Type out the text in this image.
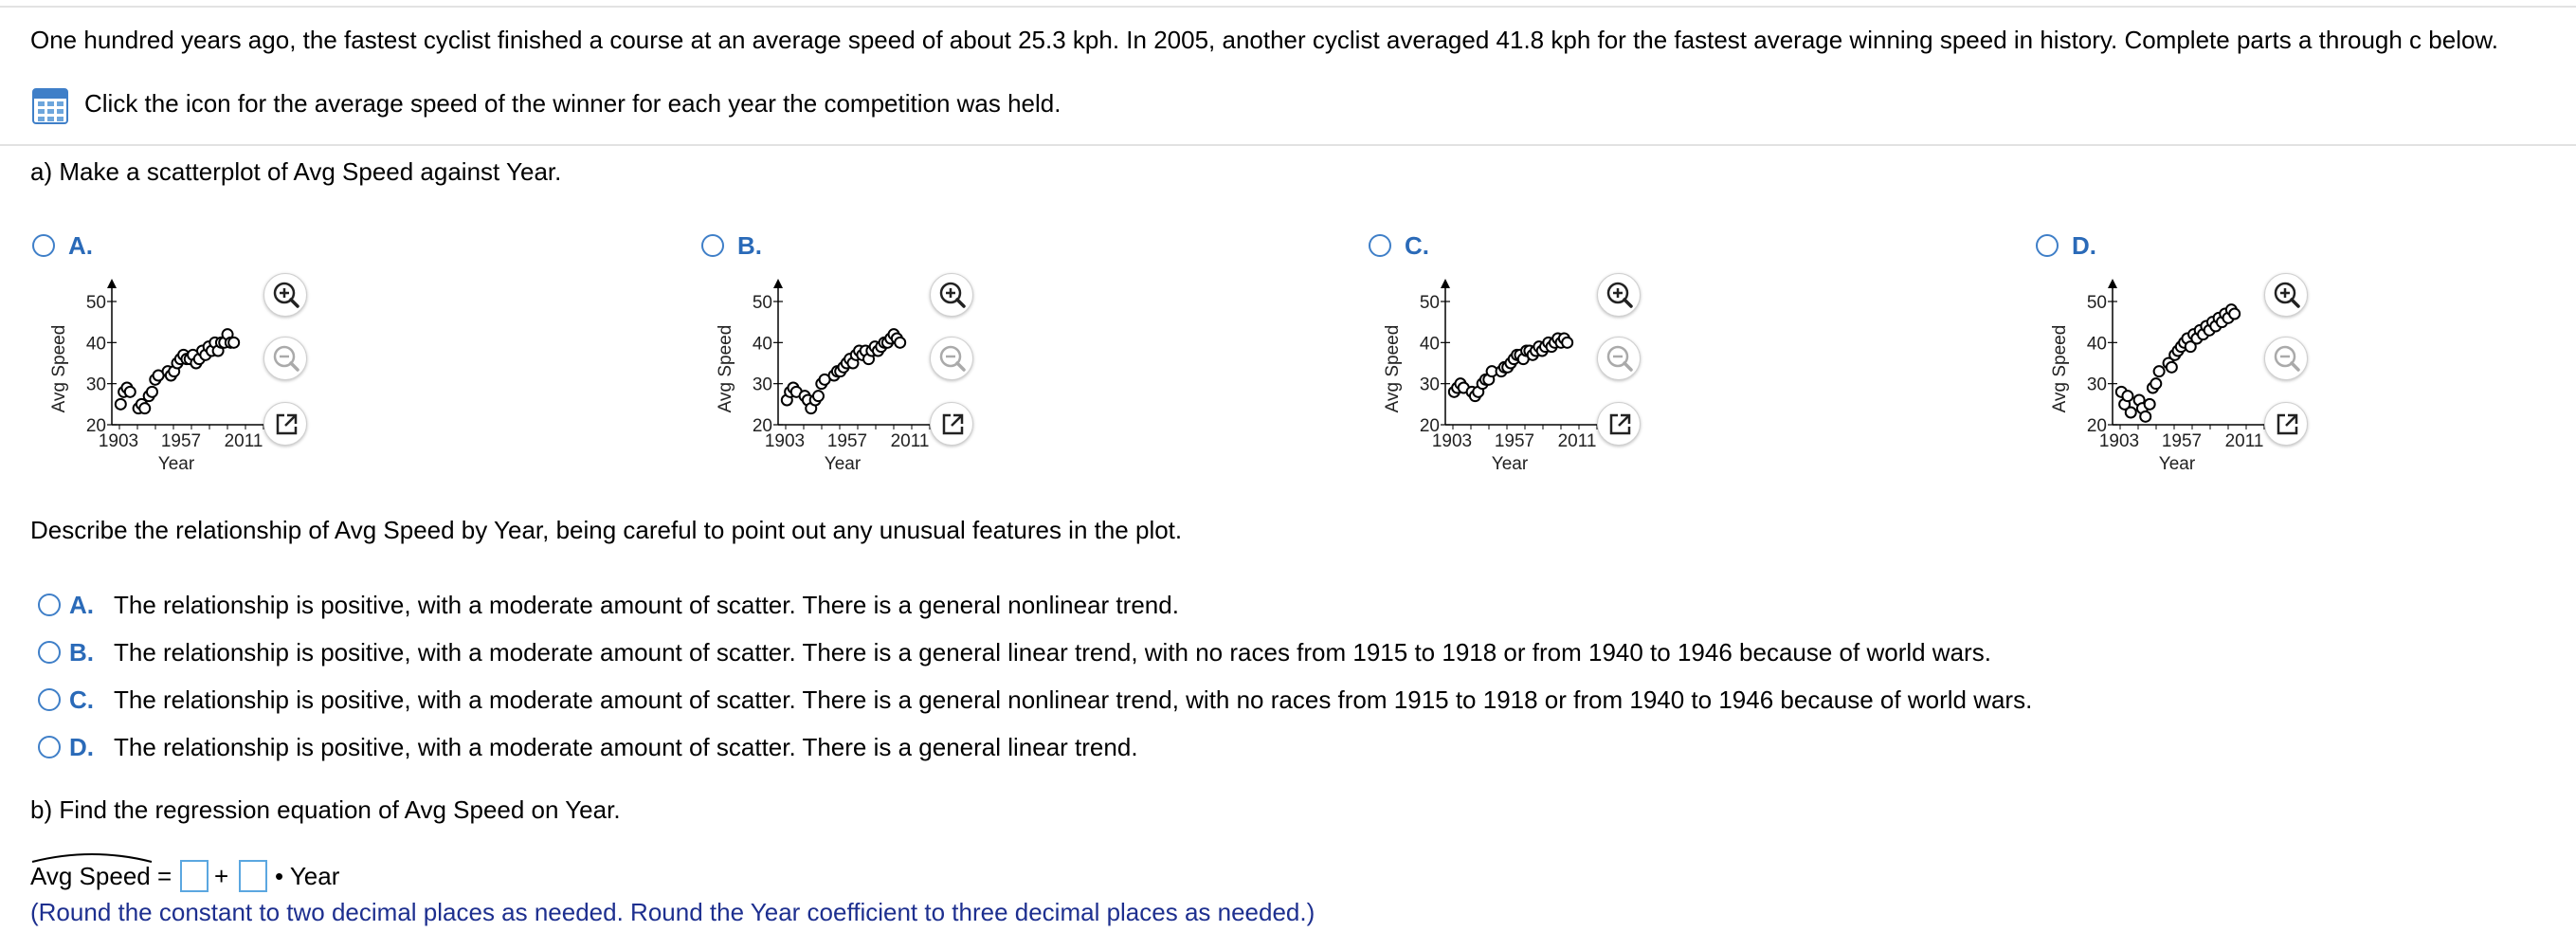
One hundred years ago, the fastest cyclist finished a course at an average speed of about 25.3 kph. In 2005, another cyclist averaged 41.8 kph for the fastest average winning speed in history. Complete parts a through c below.
Click the icon for the average speed of the winner for each year the competition was held.
a) Make a scatterplot of Avg Speed against Year.
A.
20
30
40
50
1903 1957 2011
Year
Avg Speed
B.
20
30
40
50
1903 1957 2011
Year
Avg Speed
C.
20
30
40
50
1903 1957 2011
Year
Avg Speed
D.
20
30
40
50
1903 1957 2011
Year
Avg Speed
Describe the relationship of Avg Speed by Year, being careful to point out any unusual features in the plot.
A. The relationship is positive, with a moderate amount of scatter. There is a general nonlinear trend.
B. The relationship is positive, with a moderate amount of scatter. There is a general linear trend, with no races from 1915 to 1918 or from 1940 to 1946 because of world wars.
C. The relationship is positive, with a moderate amount of scatter. There is a general nonlinear trend, with no races from 1915 to 1918 or from 1940 to 1946 because of world wars.
D. The relationship is positive, with a moderate amount of scatter. There is a general linear trend.
b) Find the regression equation of Avg Speed on Year.
Avg Speed = + • Year
(Round the constant to two decimal places as needed. Round the Year coefficient to three decimal places as needed.)
